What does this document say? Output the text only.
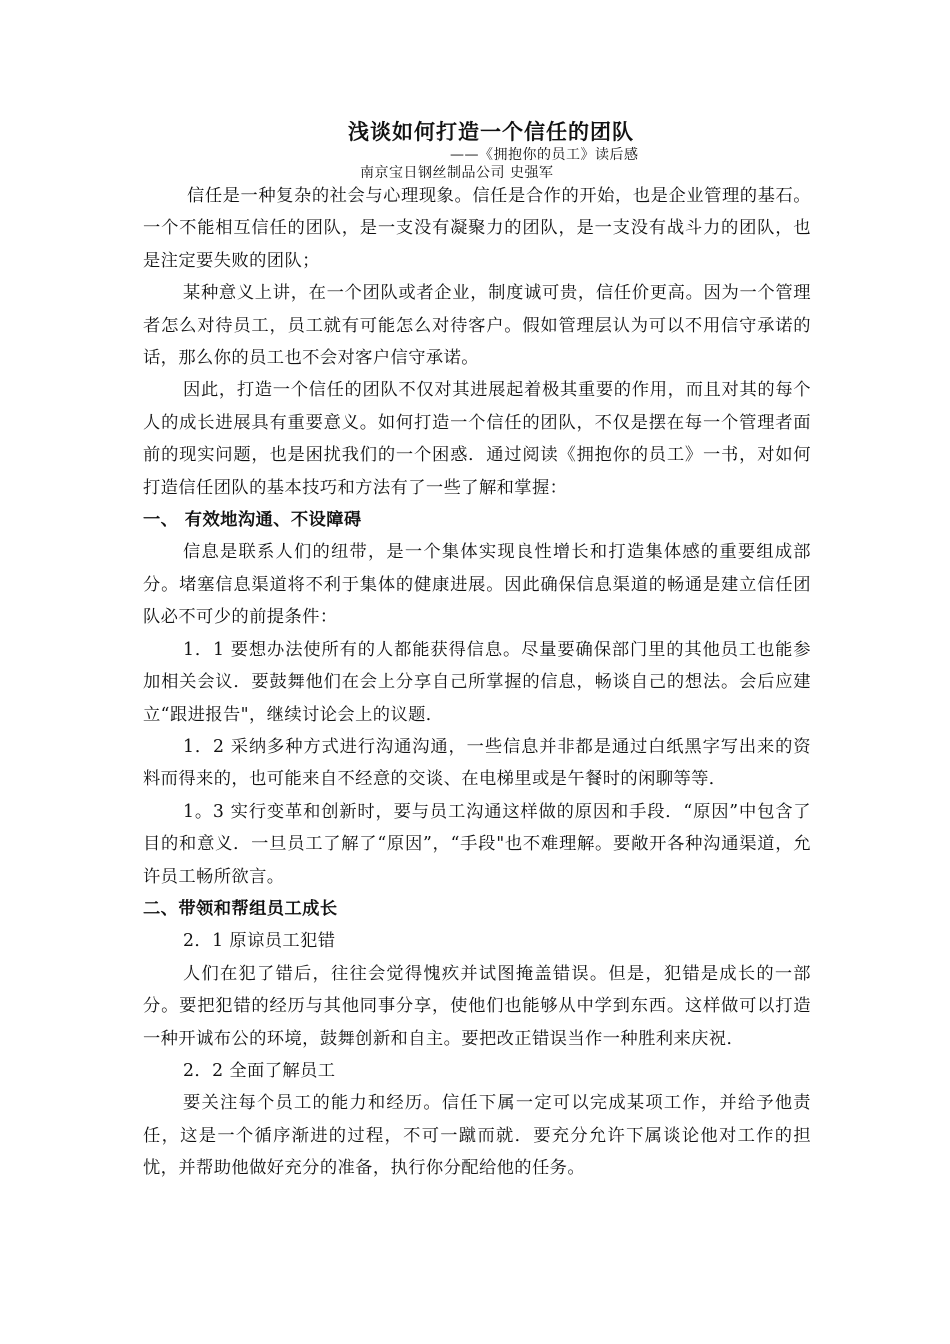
浅谈如何打造一个信任的团队
——《拥抱你的员工》读后感
南京宝日钢丝制品公司 史强军

信任是一种复杂的社会与心理现象。信任是合作的开始，也是企业管理的基石。一个不能相互信任的团队，是一支没有凝聚力的团队，是一支没有战斗力的团队，也是注定要失败的团队；

某种意义上讲，在一个团队或者企业，制度诚可贵，信任价更高。因为一个管理者怎么对待员工，员工就有可能怎么对待客户。假如管理层认为可以不用信守承诺的话，那么你的员工也不会对客户信守承诺。

因此，打造一个信任的团队不仅对其进展起着极其重要的作用，而且对其的每个人的成长进展具有重要意义。如何打造一个信任的团队，不仅是摆在每一个管理者面前的现实问题，也是困扰我们的一个困惑．通过阅读《拥抱你的员工》一书，对如何打造信任团队的基本技巧和方法有了一些了解和掌握：

一、 有效地沟通、不设障碍

信息是联系人们的纽带，是一个集体实现良性增长和打造集体感的重要组成部分。堵塞信息渠道将不利于集体的健康进展。因此确保信息渠道的畅通是建立信任团队必不可少的前提条件：

1．1 要想办法使所有的人都能获得信息。尽量要确保部门里的其他员工也能参加相关会议．要鼓舞他们在会上分享自己所掌握的信息，畅谈自己的想法。会后应建立“跟进报告"，继续讨论会上的议题．

1．2 采纳多种方式进行沟通沟通，一些信息并非都是通过白纸黑字写出来的资料而得来的，也可能来自不经意的交谈、在电梯里或是午餐时的闲聊等等．

1。3 实行变革和创新时，要与员工沟通这样做的原因和手段．“原因”中包含了目的和意义．一旦员工了解了“原因”，“手段"也不难理解。要敞开各种沟通渠道，允许员工畅所欲言。

二、带领和帮组员工成长

2．1 原谅员工犯错

人们在犯了错后，往往会觉得愧疚并试图掩盖错误。但是，犯错是成长的一部分。要把犯错的经历与其他同事分享，使他们也能够从中学到东西。这样做可以打造一种开诚布公的环境，鼓舞创新和自主。要把改正错误当作一种胜利来庆祝．

2．2 全面了解员工

要关注每个员工的能力和经历。信任下属一定可以完成某项工作，并给予他责任，这是一个循序渐进的过程，不可一蹴而就．要充分允许下属谈论他对工作的担忧，并帮助他做好充分的准备，执行你分配给他的任务。
